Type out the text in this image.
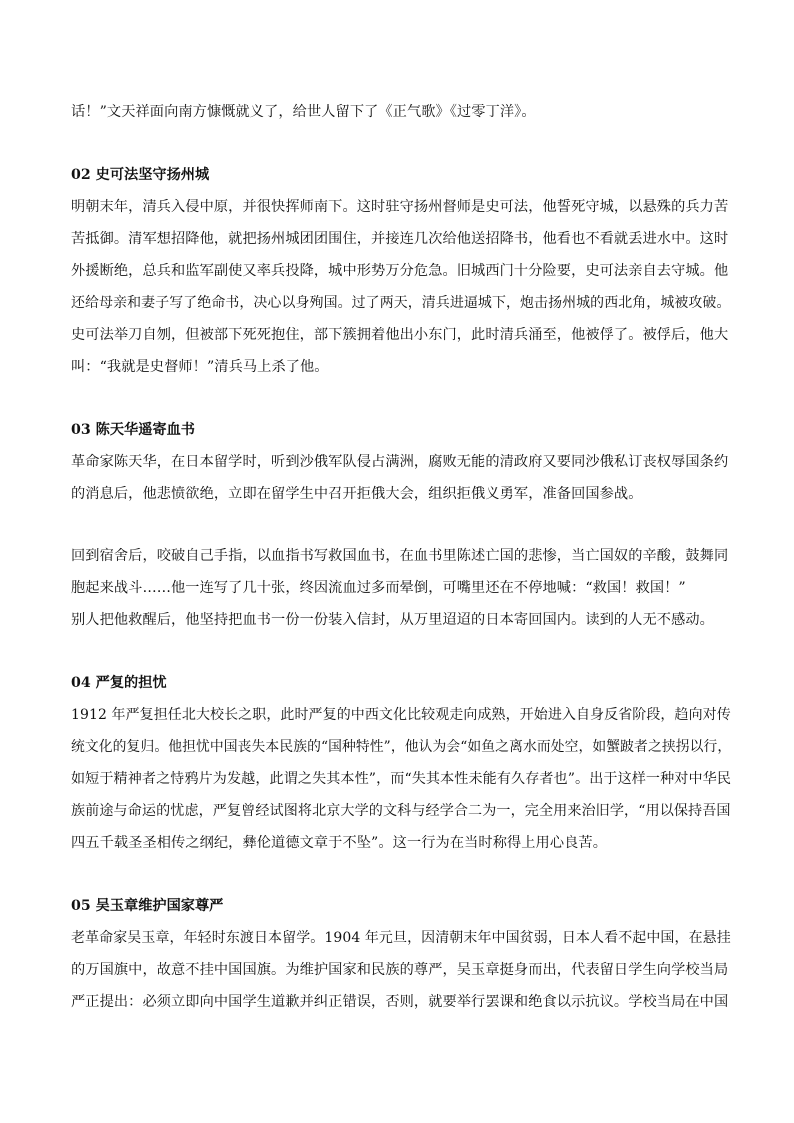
话！”文天祥面向南方慷慨就义了，给世人留下了《正气歌》《过零丁洋》。
02 史可法坚守扬州城
明朝末年，清兵入侵中原，并很快挥师南下。这时驻守扬州督师是史可法，他誓死守城，以悬殊的兵力苦
苦抵御。清军想招降他，就把扬州城团团围住，并接连几次给他送招降书，他看也不看就丢进水中。这时
外援断绝，总兵和监军副使又率兵投降，城中形势万分危急。旧城西门十分险要，史可法亲自去守城。他
还给母亲和妻子写了绝命书，决心以身殉国。过了两天，清兵进逼城下，炮击扬州城的西北角，城被攻破。
史可法举刀自刎，但被部下死死抱住，部下簇拥着他出小东门，此时清兵涌至，他被俘了。被俘后，他大
叫：“我就是史督师！”清兵马上杀了他。
03 陈天华遥寄血书
革命家陈天华，在日本留学时，听到沙俄军队侵占满洲，腐败无能的清政府又要同沙俄私订丧权辱国条约
的消息后，他悲愤欲绝，立即在留学生中召开拒俄大会，组织拒俄义勇军，准备回国参战。
回到宿舍后，咬破自己手指，以血指书写救国血书，在血书里陈述亡国的悲惨，当亡国奴的辛酸，鼓舞同
胞起来战斗……他一连写了几十张，终因流血过多而晕倒，可嘴里还在不停地喊：“救国！救国！”
别人把他救醒后，他坚持把血书一份一份装入信封，从万里迢迢的日本寄回国内。读到的人无不感动。
04 严复的担忧
1912 年严复担任北大校长之职，此时严复的中西文化比较观走向成熟，开始进入自身反省阶段，趋向对传
统文化的复归。他担忧中国丧失本民族的“国种特性”，他认为会“如鱼之离水而处空，如蟹跛者之挟拐以行，
如短于精神者之恃鸦片为发越，此谓之失其本性”，而“失其本性未能有久存者也”。出于这样一种对中华民
族前途与命运的忧虑，严复曾经试图将北京大学的文科与经学合二为一，完全用来治旧学，“用以保持吾国
四五千载圣圣相传之纲纪，彝伦道德文章于不坠”。这一行为在当时称得上用心良苦。
05 吴玉章维护国家尊严
老革命家吴玉章，年轻时东渡日本留学。1904 年元旦，因清朝末年中国贫弱，日本人看不起中国，在悬挂
的万国旗中，故意不挂中国国旗。为维护国家和民族的尊严，吴玉章挺身而出，代表留日学生向学校当局
严正提出：必须立即向中国学生道歉并纠正错误，否则，就要举行罢课和绝食以示抗议。学校当局在中国
